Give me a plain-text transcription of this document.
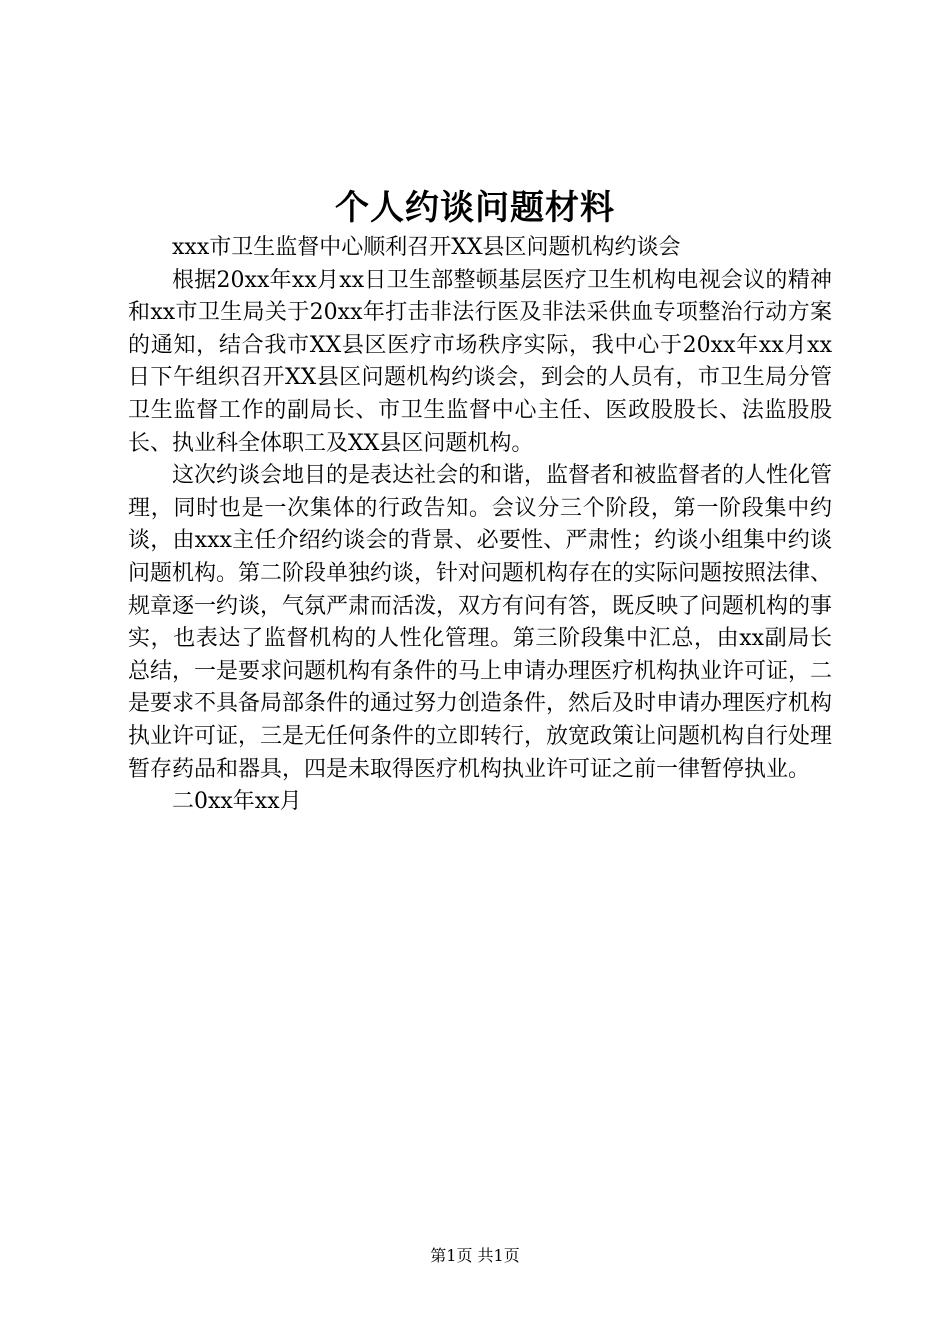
个人约谈问题材料

xxx市卫生监督中心顺利召开XX县区问题机构约谈会

根据20xx年xx月xx日卫生部整顿基层医疗卫生机构电视会议的精神和xx市卫生局关于20xx年打击非法行医及非法采供血专项整治行动方案的通知，结合我市XX县区医疗市场秩序实际，我中心于20xx年xx月xx日下午组织召开XX县区问题机构约谈会，到会的人员有，市卫生局分管卫生监督工作的副局长、市卫生监督中心主任、医政股股长、法监股股长、执业科全体职工及XX县区问题机构。

这次约谈会地目的是表达社会的和谐，监督者和被监督者的人性化管理，同时也是一次集体的行政告知。会议分三个阶段，第一阶段集中约谈，由xxx主任介绍约谈会的背景、必要性、严肃性；约谈小组集中约谈问题机构。第二阶段单独约谈，针对问题机构存在的实际问题按照法律、规章逐一约谈，气氛严肃而活泼，双方有问有答，既反映了问题机构的事实，也表达了监督机构的人性化管理。第三阶段集中汇总，由xx副局长总结，一是要求问题机构有条件的马上申请办理医疗机构执业许可证，二是要求不具备局部条件的通过努力创造条件，然后及时申请办理医疗机构执业许可证，三是无任何条件的立即转行，放宽政策让问题机构自行处理暂存药品和器具，四是未取得医疗机构执业许可证之前一律暂停执业。

二0xx年xx月

第1页 共1页
